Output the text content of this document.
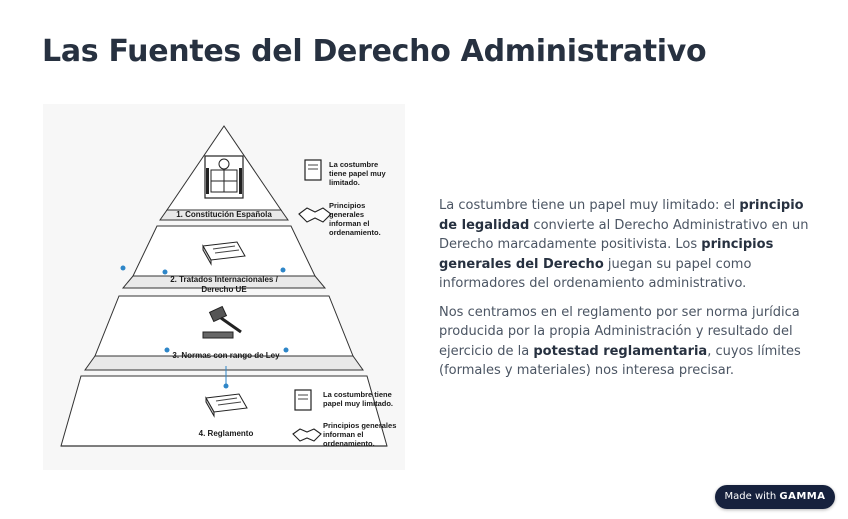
Las Fuentes del Derecho Administrativo
1. Constitución Española
2. Tratados Internacionales /
Derecho UE
3. Normas con rango de Ley
4. Reglamento
La costumbre
tiene papel muy
limitado.
Principios
generales
informan el
ordenamiento.
La costumbre tiene
papel muy limitado.
Principios generales
informan el
ordenamiento.

La costumbre tiene un papel muy limitado: el principio de legalidad convierte al Derecho Administrativo en un Derecho marcadamente positivista. Los principios generales del Derecho juegan su papel como informadores del ordenamiento administrativo.

Nos centramos en el reglamento por ser norma jurídica producida por la propia Administración y resultado del ejercicio de la potestad reglamentaria, cuyos límites (formales y materiales) nos interesa precisar.

Made with GAMMA
